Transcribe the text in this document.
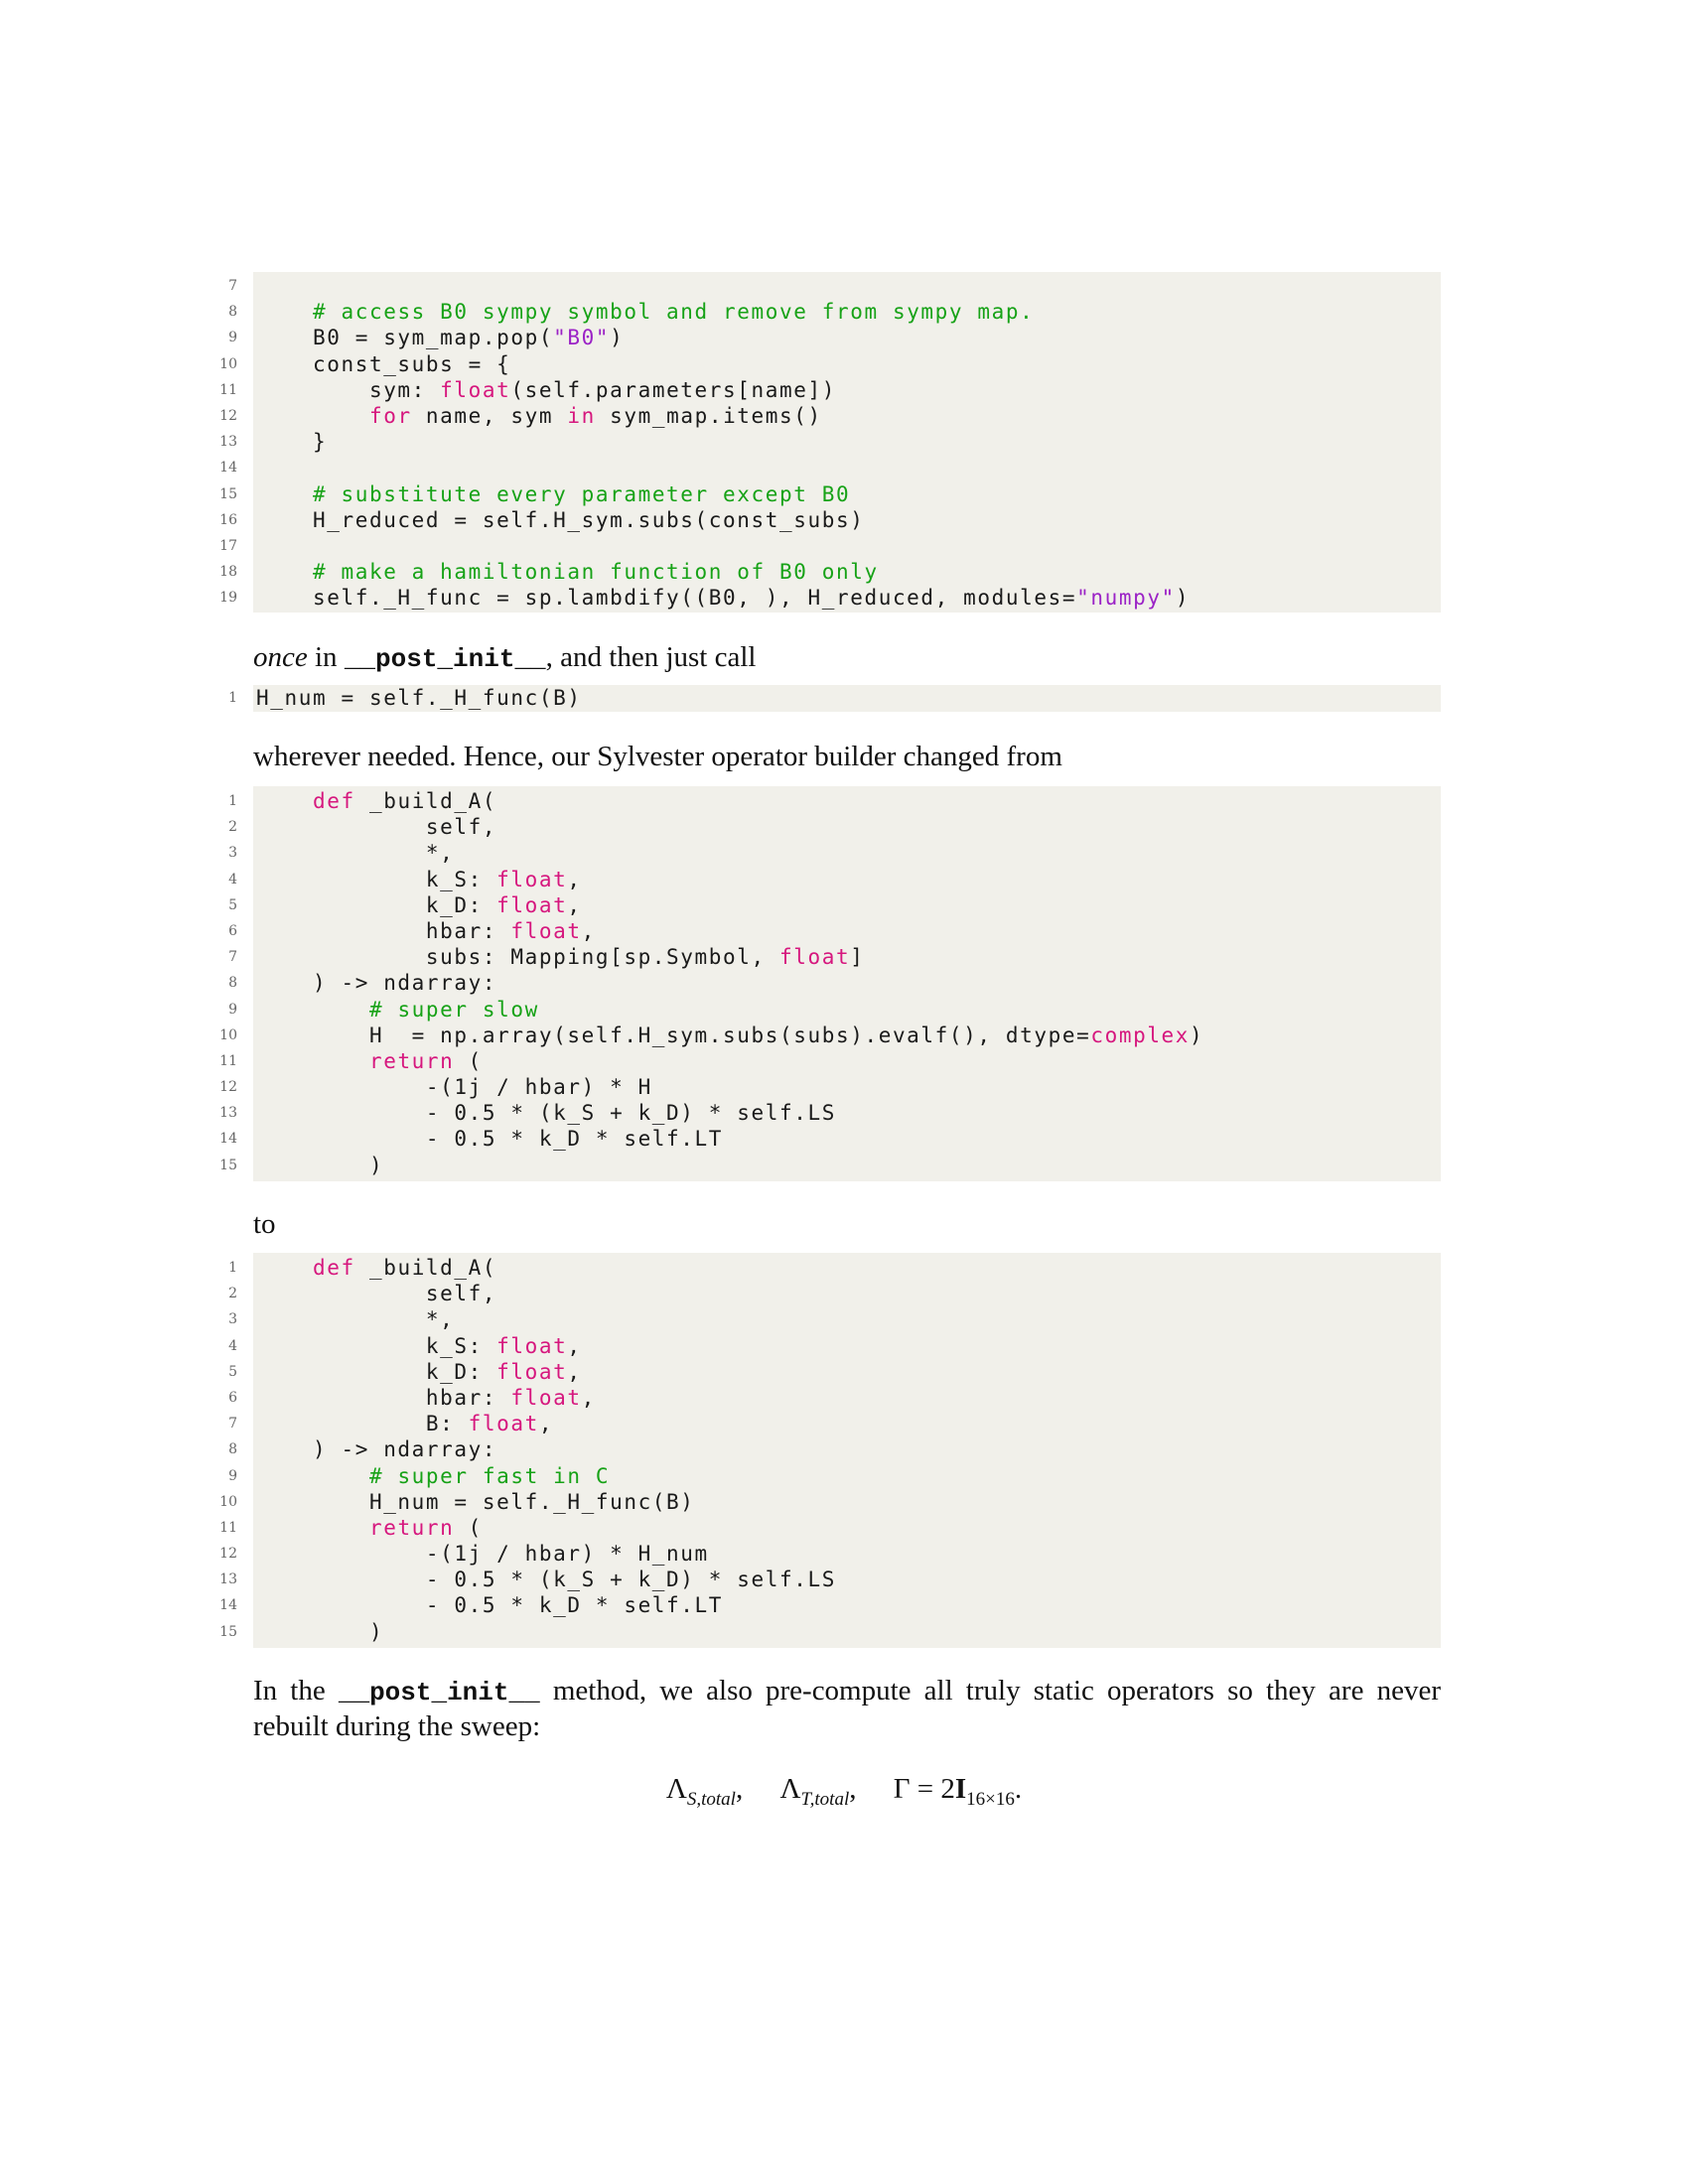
7
8	# access B0 sympy symbol and remove from sympy map.
9 B0 = sym_map.pop("B0")
10 const_subs = {
11 sym: float(self.parameters[name])
12	for name, sym in sym_map.items()
13 }
14
15	# substitute every parameter except B0
16 H_reduced = self.H_sym.subs(const_subs)
17
18	# make a hamiltonian function of B0 only
19 self._H_func = sp.lambdify((B0, ), H_reduced, modules="numpy")
once in __post_init__, and then just call
1 H_num = self._H_func(B)
wherever needed. Hence, our Sylvester operator builder changed from
1	def _build_A(
2 self,
3 *,
4 k_S: float,
5 k_D: float,
6 hbar: float,
7 subs: Mapping[sp.Symbol, float]
8 ) -> ndarray:
9	# super slow
10 H  = np.array(self.H_sym.subs(subs).evalf(), dtype=complex)
11	return (
12 -(1j / hbar) * H
13 - 0.5 * (k_S + k_D) * self.LS
14 - 0.5 * k_D * self.LT
15 )
to
1	def _build_A(
2 self,
3 *,
4 k_S: float,
5 k_D: float,
6 hbar: float,
7 B: float,
8 ) -> ndarray:
9	# super fast in C
10 H_num = self._H_func(B)
11	return (
12 -(1j / hbar) * H_num
13 - 0.5 * (k_S + k_D) * self.LS
14 - 0.5 * k_D * self.LT
15 )
In the __post_init__ method, we also pre-compute all truly static operators so they are never rebuilt during the sweep:
$\Lambda_{S,total}$, $\Lambda_{T,total}$, $\Gamma = 2I_{16\times 16}$.
